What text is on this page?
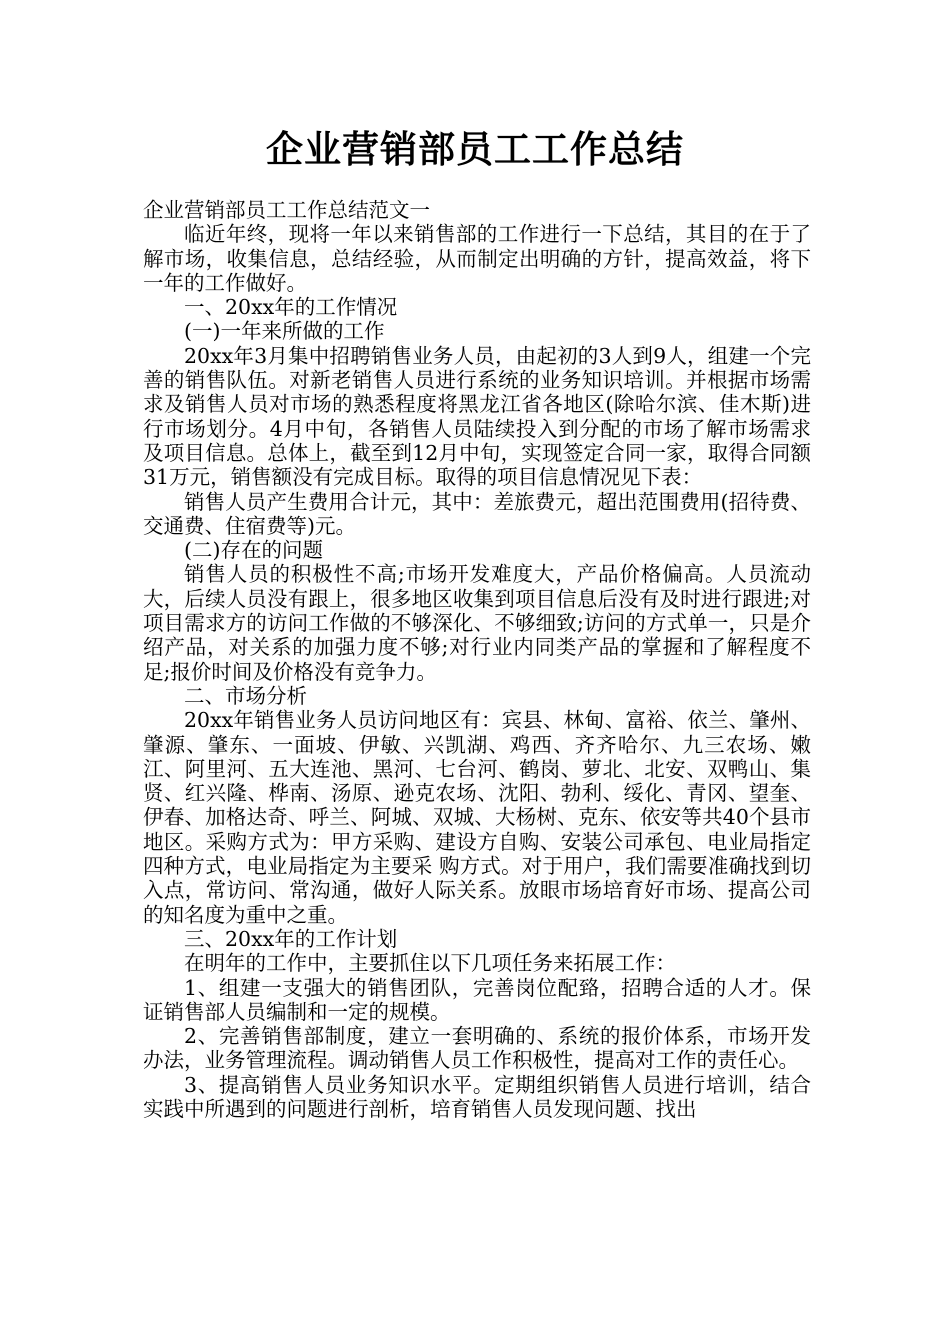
企业营销部员工工作总结

企业营销部员工工作总结范文一

临近年终，现将一年以来销售部的工作进行一下总结，其目的在于了解市场，收集信息，总结经验，从而制定出明确的方针，提高效益，将下一年的工作做好。

一、20xx年的工作情况

(一)一年来所做的工作

20xx年3月集中招聘销售业务人员，由起初的3人到9人，组建一个完善的销售队伍。对新老销售人员进行系统的业务知识培训。并根据市场需求及销售人员对市场的熟悉程度将黑龙江省各地区(除哈尔滨、佳木斯)进行市场划分。4月中旬，各销售人员陆续投入到分配的市场了解市场需求及项目信息。总体上，截至到12月中旬，实现签定合同一家，取得合同额31万元，销售额没有完成目标。取得的项目信息情况见下表：

销售人员产生费用合计元，其中：差旅费元，超出范围费用(招待费、交通费、住宿费等)元。

(二)存在的问题

销售人员的积极性不高;市场开发难度大，产品价格偏高。人员流动大，后续人员没有跟上，很多地区收集到项目信息后没有及时进行跟进;对项目需求方的访问工作做的不够深化、不够细致;访问的方式单一，只是介绍产品，对关系的加强力度不够;对行业内同类产品的掌握和了解程度不足;报价时间及价格没有竞争力。

二、市场分析

20xx年销售业务人员访问地区有：宾县、林甸、富裕、依兰、肇州、肇源、肇东、一面坡、伊敏、兴凯湖、鸡西、齐齐哈尔、九三农场、嫩江、阿里河、五大连池、黑河、七台河、鹤岗、萝北、北安、双鸭山、集贤、红兴隆、桦南、汤原、逊克农场、沈阳、勃利、绥化、青冈、望奎、伊春、加格达奇、呼兰、阿城、双城、大杨树、克东、依安等共40个县市地区。采购方式为：甲方采购、建设方自购、安装公司承包、电业局指定四种方式，电业局指定为主要采 购方式。对于用户，我们需要准确找到切入点，常访问、常沟通，做好人际关系。放眼市场培育好市场、提高公司的知名度为重中之重。

三、20xx年的工作计划

在明年的工作中，主要抓住以下几项任务来拓展工作：

1、组建一支强大的销售团队，完善岗位配臵，招聘合适的人才。保证销售部人员编制和一定的规模。

2、完善销售部制度，建立一套明确的、系统的报价体系，市场开发办法，业务管理流程。调动销售人员工作积极性，提高对工作的责任心。

3、提高销售人员业务知识水平。定期组织销售人员进行培训，结合实践中所遇到的问题进行剖析，培育销售人员发现问题、找出
